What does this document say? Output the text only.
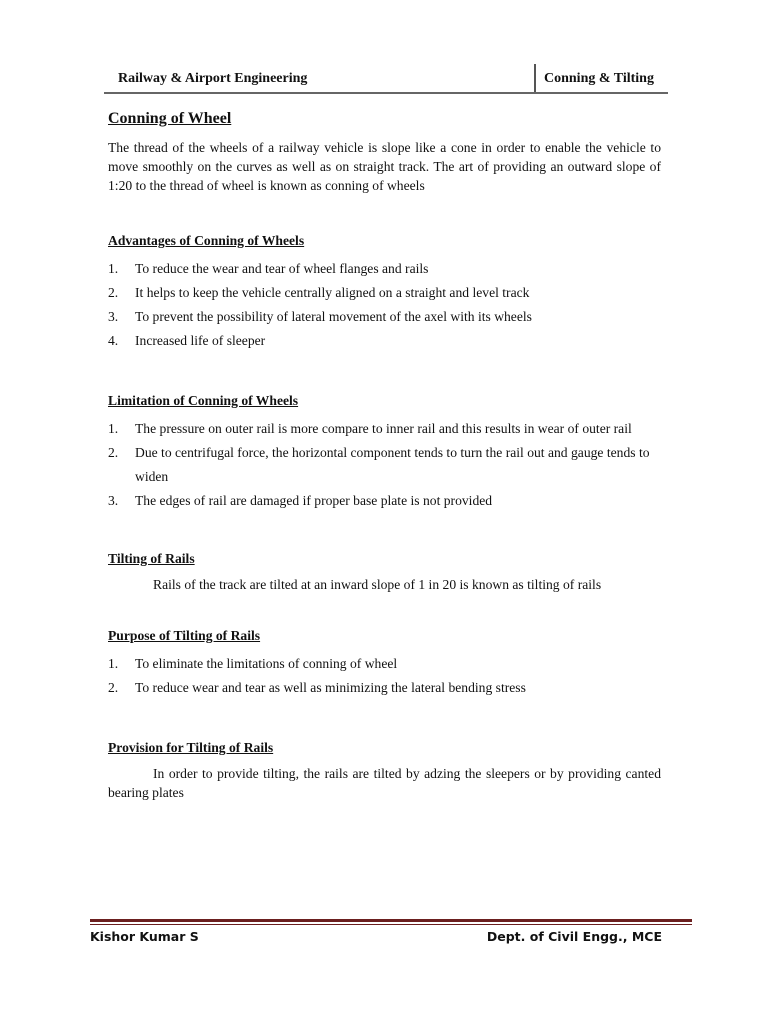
Railway & Airport Engineering	Conning & Tilting
Conning of Wheel

The thread of the wheels of a railway vehicle is slope like a cone in order to enable the vehicle to move smoothly on the curves as well as on straight track. The art of providing an outward slope of 1:20 to the thread of wheel is known as conning of wheels

Advantages of Conning of Wheels
1. To reduce the wear and tear of wheel flanges and rails
2. It helps to keep the vehicle centrally aligned on a straight and level track
3. To prevent the possibility of lateral movement of the axel with its wheels
4. Increased life of sleeper
Limitation of Conning of Wheels
1. The pressure on outer rail is more compare to inner rail and this results in wear of outer rail
2. Due to centrifugal force, the horizontal component tends to turn the rail out and gauge tends to widen
3. The edges of rail are damaged if proper base plate is not provided
Tilting of Rails

Rails of the track are tilted at an inward slope of 1 in 20 is known as tilting of rails

Purpose of Tilting of Rails
1. To eliminate the limitations of conning of wheel
2. To reduce wear and tear as well as minimizing the lateral bending stress
Provision for Tilting of Rails

In order to provide tilting, the rails are tilted by adzing the sleepers or by providing canted bearing plates

Kishor Kumar S	Dept. of Civil Engg., MCE
